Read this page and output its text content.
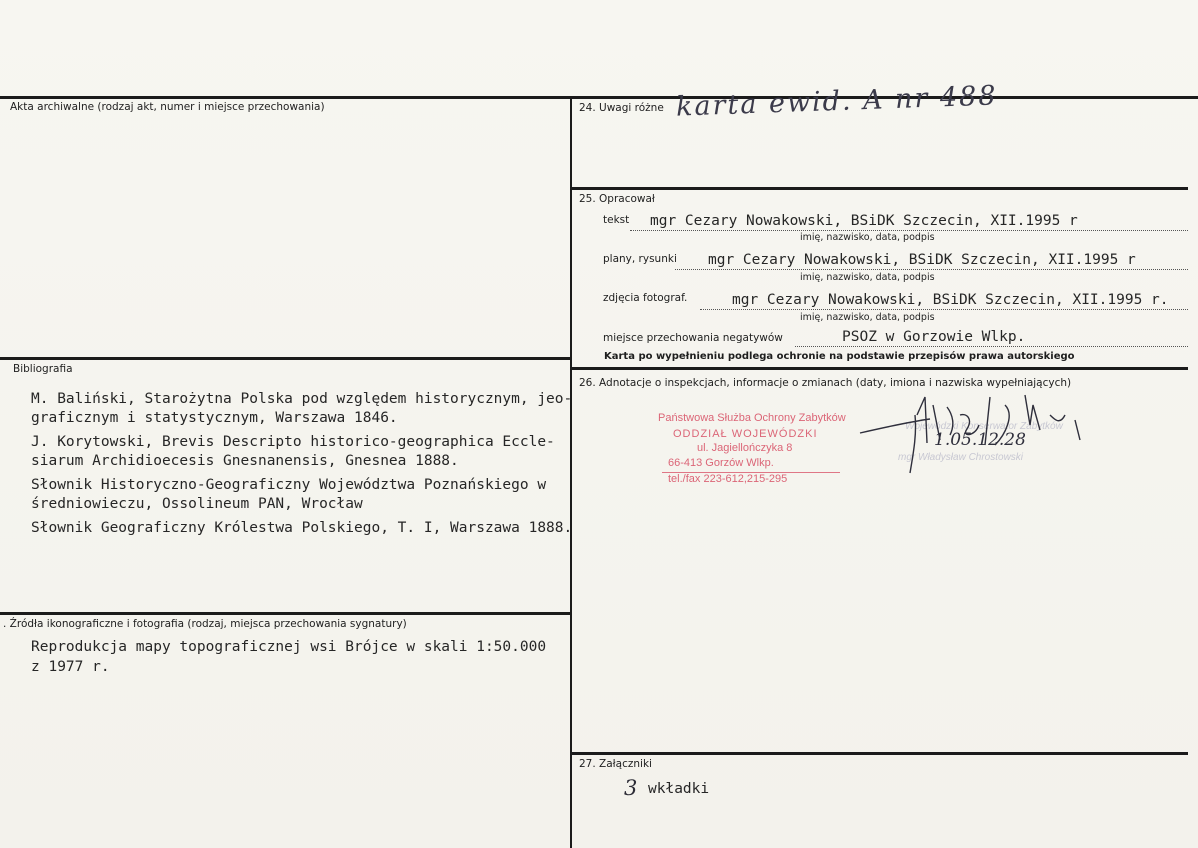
Akta archiwalne (rodzaj akt, numer i miejsce przechowania)
Bibliografia
M. Baliński, Starożytna Polska pod względem historycznym, jeo-
graficznym i statystycznym, Warszawa 1846.
J. Korytowski, Brevis Descripto historico-geographica Eccle-
siarum Archidioecesis Gnesnanensis, Gnesnea 1888.
Słownik Historyczno-Geograficzny Województwa Poznańskiego w
średniowieczu, Ossolineum PAN, Wrocław
Słownik Geograficzny Królestwa Polskiego, T. I, Warszawa 1888.
. Źródła ikonograficzne i fotografia (rodzaj, miejsca przechowania sygnatury)
Reprodukcja mapy topograficznej wsi Brójce w skali 1:50.000
z 1977 r.
24. Uwagi różne karta ewid. A nr 488
25. Opracował
tekst mgr Cezary Nowakowski, BSiDK Szczecin, XII.1995 r
imię, nazwisko, data, podpis
plany, rysunki mgr Cezary Nowakowski, BSiDK Szczecin, XII.1995 r
imię, nazwisko, data, podpis
zdjęcia fotograf.	mgr Cezary Nowakowski, BSiDK Szczecin, XII.1995 r.
imię, nazwisko, data, podpis
miejsce przechowania negatywów	PSOZ w Gorzowie Wlkp.
Karta po wypełnieniu podlega ochronie na podstawie przepisów prawa autorskiego
26. Adnotacje o inspekcjach, informacje o zmianach (daty, imiona i nazwiska wypełniających)
Państwowa Służba Ochrony Zabytków
ODDZIAŁ WOJEWÓDZKI
ul. Jagiellończyka 8
66-413 Gorzów Wlkp.
tel./fax 223-612,215-295
Wojewódzki Konserwator Zabytków
mgr Władysław Chrostowski
1.05.12.28
27. Załączniki
3 wkładki
